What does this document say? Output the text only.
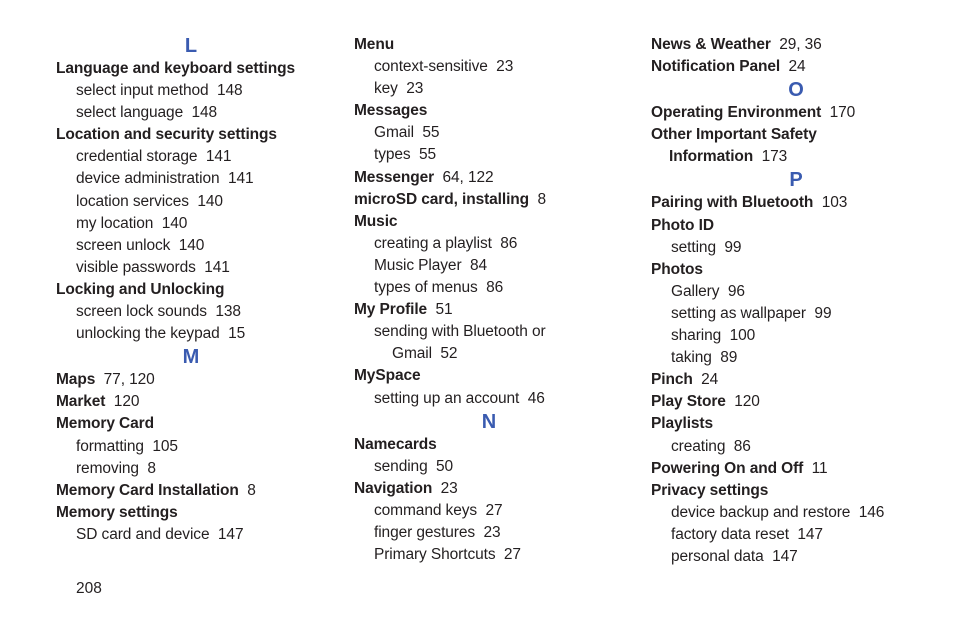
L
Language and keyboard settings
select input method 148
select language 148
Location and security settings
credential storage 141
device administration 141
location services 140
my location 140
screen unlock 140
visible passwords 141
Locking and Unlocking
screen lock sounds 138
unlocking the keypad 15
M
Maps 77, 120
Market 120
Memory Card
formatting 105
removing 8
Memory Card Installation 8
Memory settings
SD card and device 147
Menu
context-sensitive 23
key 23
Messages
Gmail 55
types 55
Messenger 64, 122
microSD card, installing 8
Music
creating a playlist 86
Music Player 84
types of menus 86
My Profile 51
sending with Bluetooth or
Gmail 52
MySpace
setting up an account 46
N
Namecards
sending 50
Navigation 23
command keys 27
finger gestures 23
Primary Shortcuts 27
News & Weather 29, 36
Notification Panel 24
O
Operating Environment 170
Other Important Safety
Information 173
P
Pairing with Bluetooth 103
Photo ID
setting 99
Photos
Gallery 96
setting as wallpaper 99
sharing 100
taking 89
Pinch 24
Play Store 120
Playlists
creating 86
Powering On and Off 11
Privacy settings
device backup and restore 146
factory data reset 147
personal data 147
208
